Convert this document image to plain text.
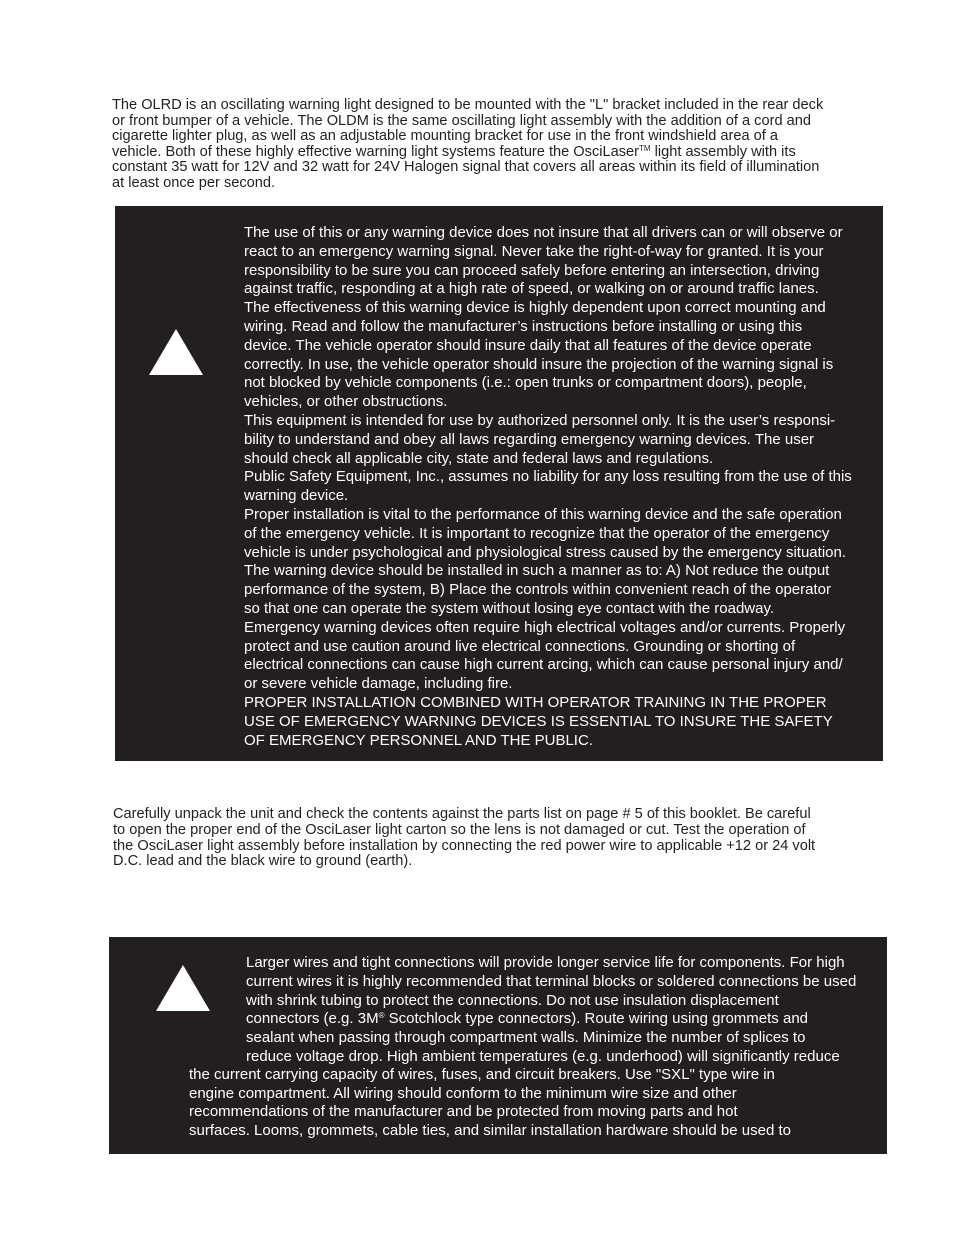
The OLRD is an oscillating warning light designed to be mounted with the "L" bracket included in the rear deck
or front bumper of a vehicle. The OLDM is the same oscillating light assembly with the addition of a cord and
cigarette lighter plug, as well as an adjustable mounting bracket for use in the front windshield area of a
vehicle. Both of these highly effective warning light systems feature the OsciLaser™ light assembly with its
constant 35 watt for 12V and 32 watt for 24V Halogen signal that covers all areas within its field of illumination
at least once per second.
The use of this or any warning device does not insure that all drivers can or will observe or
react to an emergency warning signal. Never take the right-of-way for granted. It is your
responsibility to be sure you can proceed safely before entering an intersection, driving
against traffic, responding at a high rate of speed, or walking on or around traffic lanes.
The effectiveness of this warning device is highly dependent upon correct mounting and
wiring. Read and follow the manufacturer’s instructions before installing or using this
device. The vehicle operator should insure daily that all features of the device operate
correctly. In use, the vehicle operator should insure the projection of the warning signal is
not blocked by vehicle components (i.e.: open trunks or compartment doors), people,
vehicles, or other obstructions.
This equipment is intended for use by authorized personnel only. It is the user’s responsi-
bility to understand and obey all laws regarding emergency warning devices. The user
should check all applicable city, state and federal laws and regulations.
Public Safety Equipment, Inc., assumes no liability for any loss resulting from the use of this
warning device.
Proper installation is vital to the performance of this warning device and the safe operation
of the emergency vehicle. It is important to recognize that the operator of the emergency
vehicle is under psychological and physiological stress caused by the emergency situation.
The warning device should be installed in such a manner as to: A) Not reduce the output
performance of the system, B) Place the controls within convenient reach of the operator
so that one can operate the system without losing eye contact with the roadway.
Emergency warning devices often require high electrical voltages and/or currents. Properly
protect and use caution around live electrical connections. Grounding or shorting of
electrical connections can cause high current arcing, which can cause personal injury and/
or severe vehicle damage, including fire.
PROPER INSTALLATION COMBINED WITH OPERATOR TRAINING IN THE PROPER
USE OF EMERGENCY WARNING DEVICES IS ESSENTIAL TO INSURE THE SAFETY
OF EMERGENCY PERSONNEL AND THE PUBLIC.
Carefully unpack the unit and check the contents against the parts list on page # 5 of this booklet. Be careful
to open the proper end of the OsciLaser light carton so the lens is not damaged or cut. Test the operation of
the OsciLaser light assembly before installation by connecting the red power wire to applicable +12 or 24 volt
D.C. lead and the black wire to ground (earth).
Larger wires and tight connections will provide longer service life for components. For high
current wires it is highly recommended that terminal blocks or soldered connections be used
with shrink tubing to protect the connections. Do not use insulation displacement
connectors (e.g. 3M® Scotchlock type connectors). Route wiring using grommets and
sealant when passing through compartment walls. Minimize the number of splices to
reduce voltage drop. High ambient temperatures (e.g. underhood) will significantly reduce
the current carrying capacity of wires, fuses, and circuit breakers. Use "SXL" type wire in
engine compartment. All wiring should conform to the minimum wire size and other
recommendations of the manufacturer and be protected from moving parts and hot
surfaces. Looms, grommets, cable ties, and similar installation hardware should be used to
